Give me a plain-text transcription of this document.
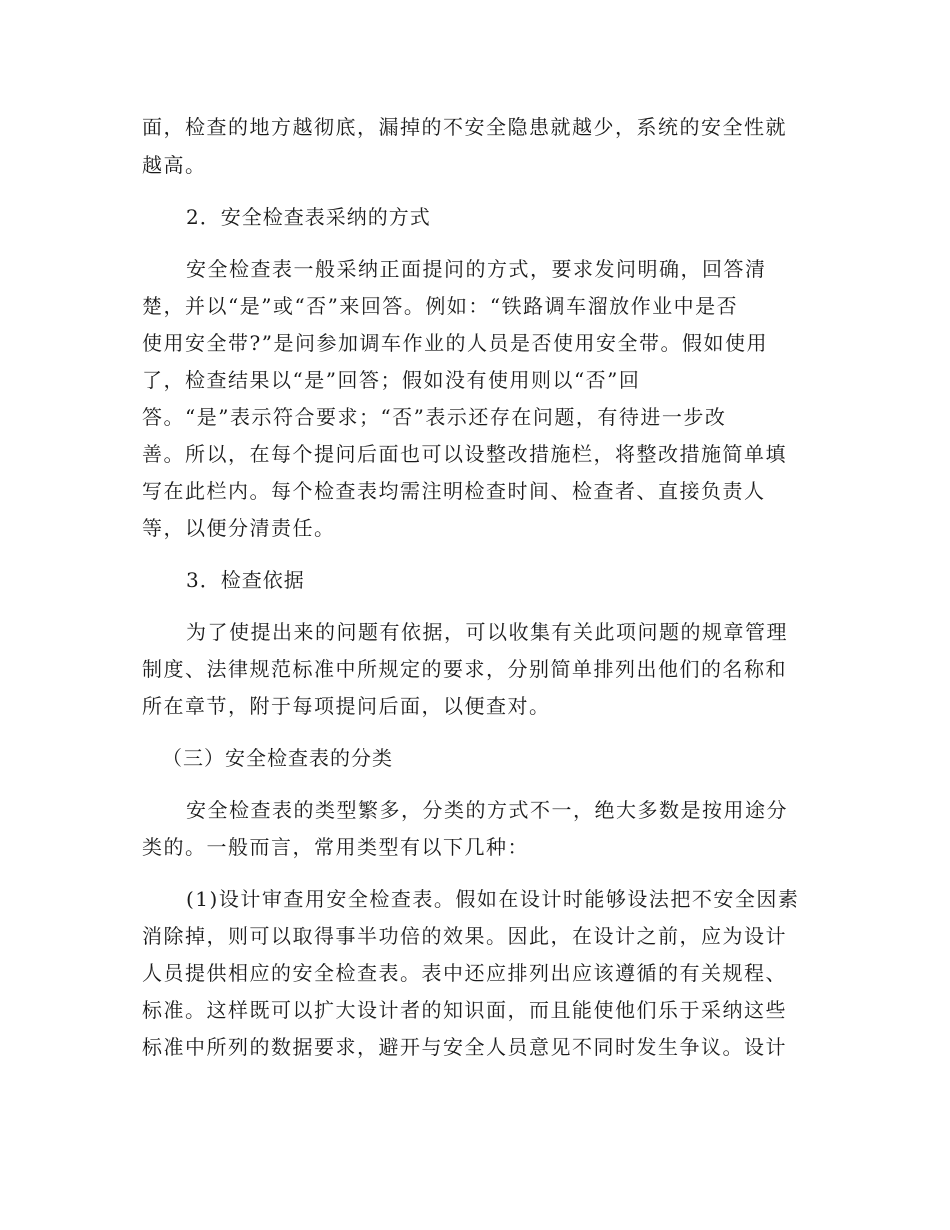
面，检查的地方越彻底，漏掉的不安全隐患就越少，系统的安全性就
越高。
2．安全检查表采纳的方式
安全检查表一般采纳正面提问的方式，要求发问明确，回答清
楚，并以“是”或“否”来回答。例如：“铁路调车溜放作业中是否
使用安全带?”是问参加调车作业的人员是否使用安全带。假如使用
了，检查结果以“是”回答；假如没有使用则以“否”回
答。“是”表示符合要求；“否”表示还存在问题，有待进一步改
善。所以，在每个提问后面也可以设整改措施栏，将整改措施简单填
写在此栏内。每个检查表均需注明检查时间、检查者、直接负责人
等，以便分清责任。
3．检查依据
为了使提出来的问题有依据，可以收集有关此项问题的规章管理
制度、法律规范标准中所规定的要求，分别简单排列出他们的名称和
所在章节，附于每项提问后面，以便查对。
（三）安全检查表的分类
安全检查表的类型繁多，分类的方式不一，绝大多数是按用途分
类的。一般而言，常用类型有以下几种：
(1)设计审查用安全检查表。假如在设计时能够设法把不安全因素
消除掉，则可以取得事半功倍的效果。因此，在设计之前，应为设计
人员提供相应的安全检查表。表中还应排列出应该遵循的有关规程、
标准。这样既可以扩大设计者的知识面，而且能使他们乐于采纳这些
标准中所列的数据要求，避开与安全人员意见不同时发生争议。设计
